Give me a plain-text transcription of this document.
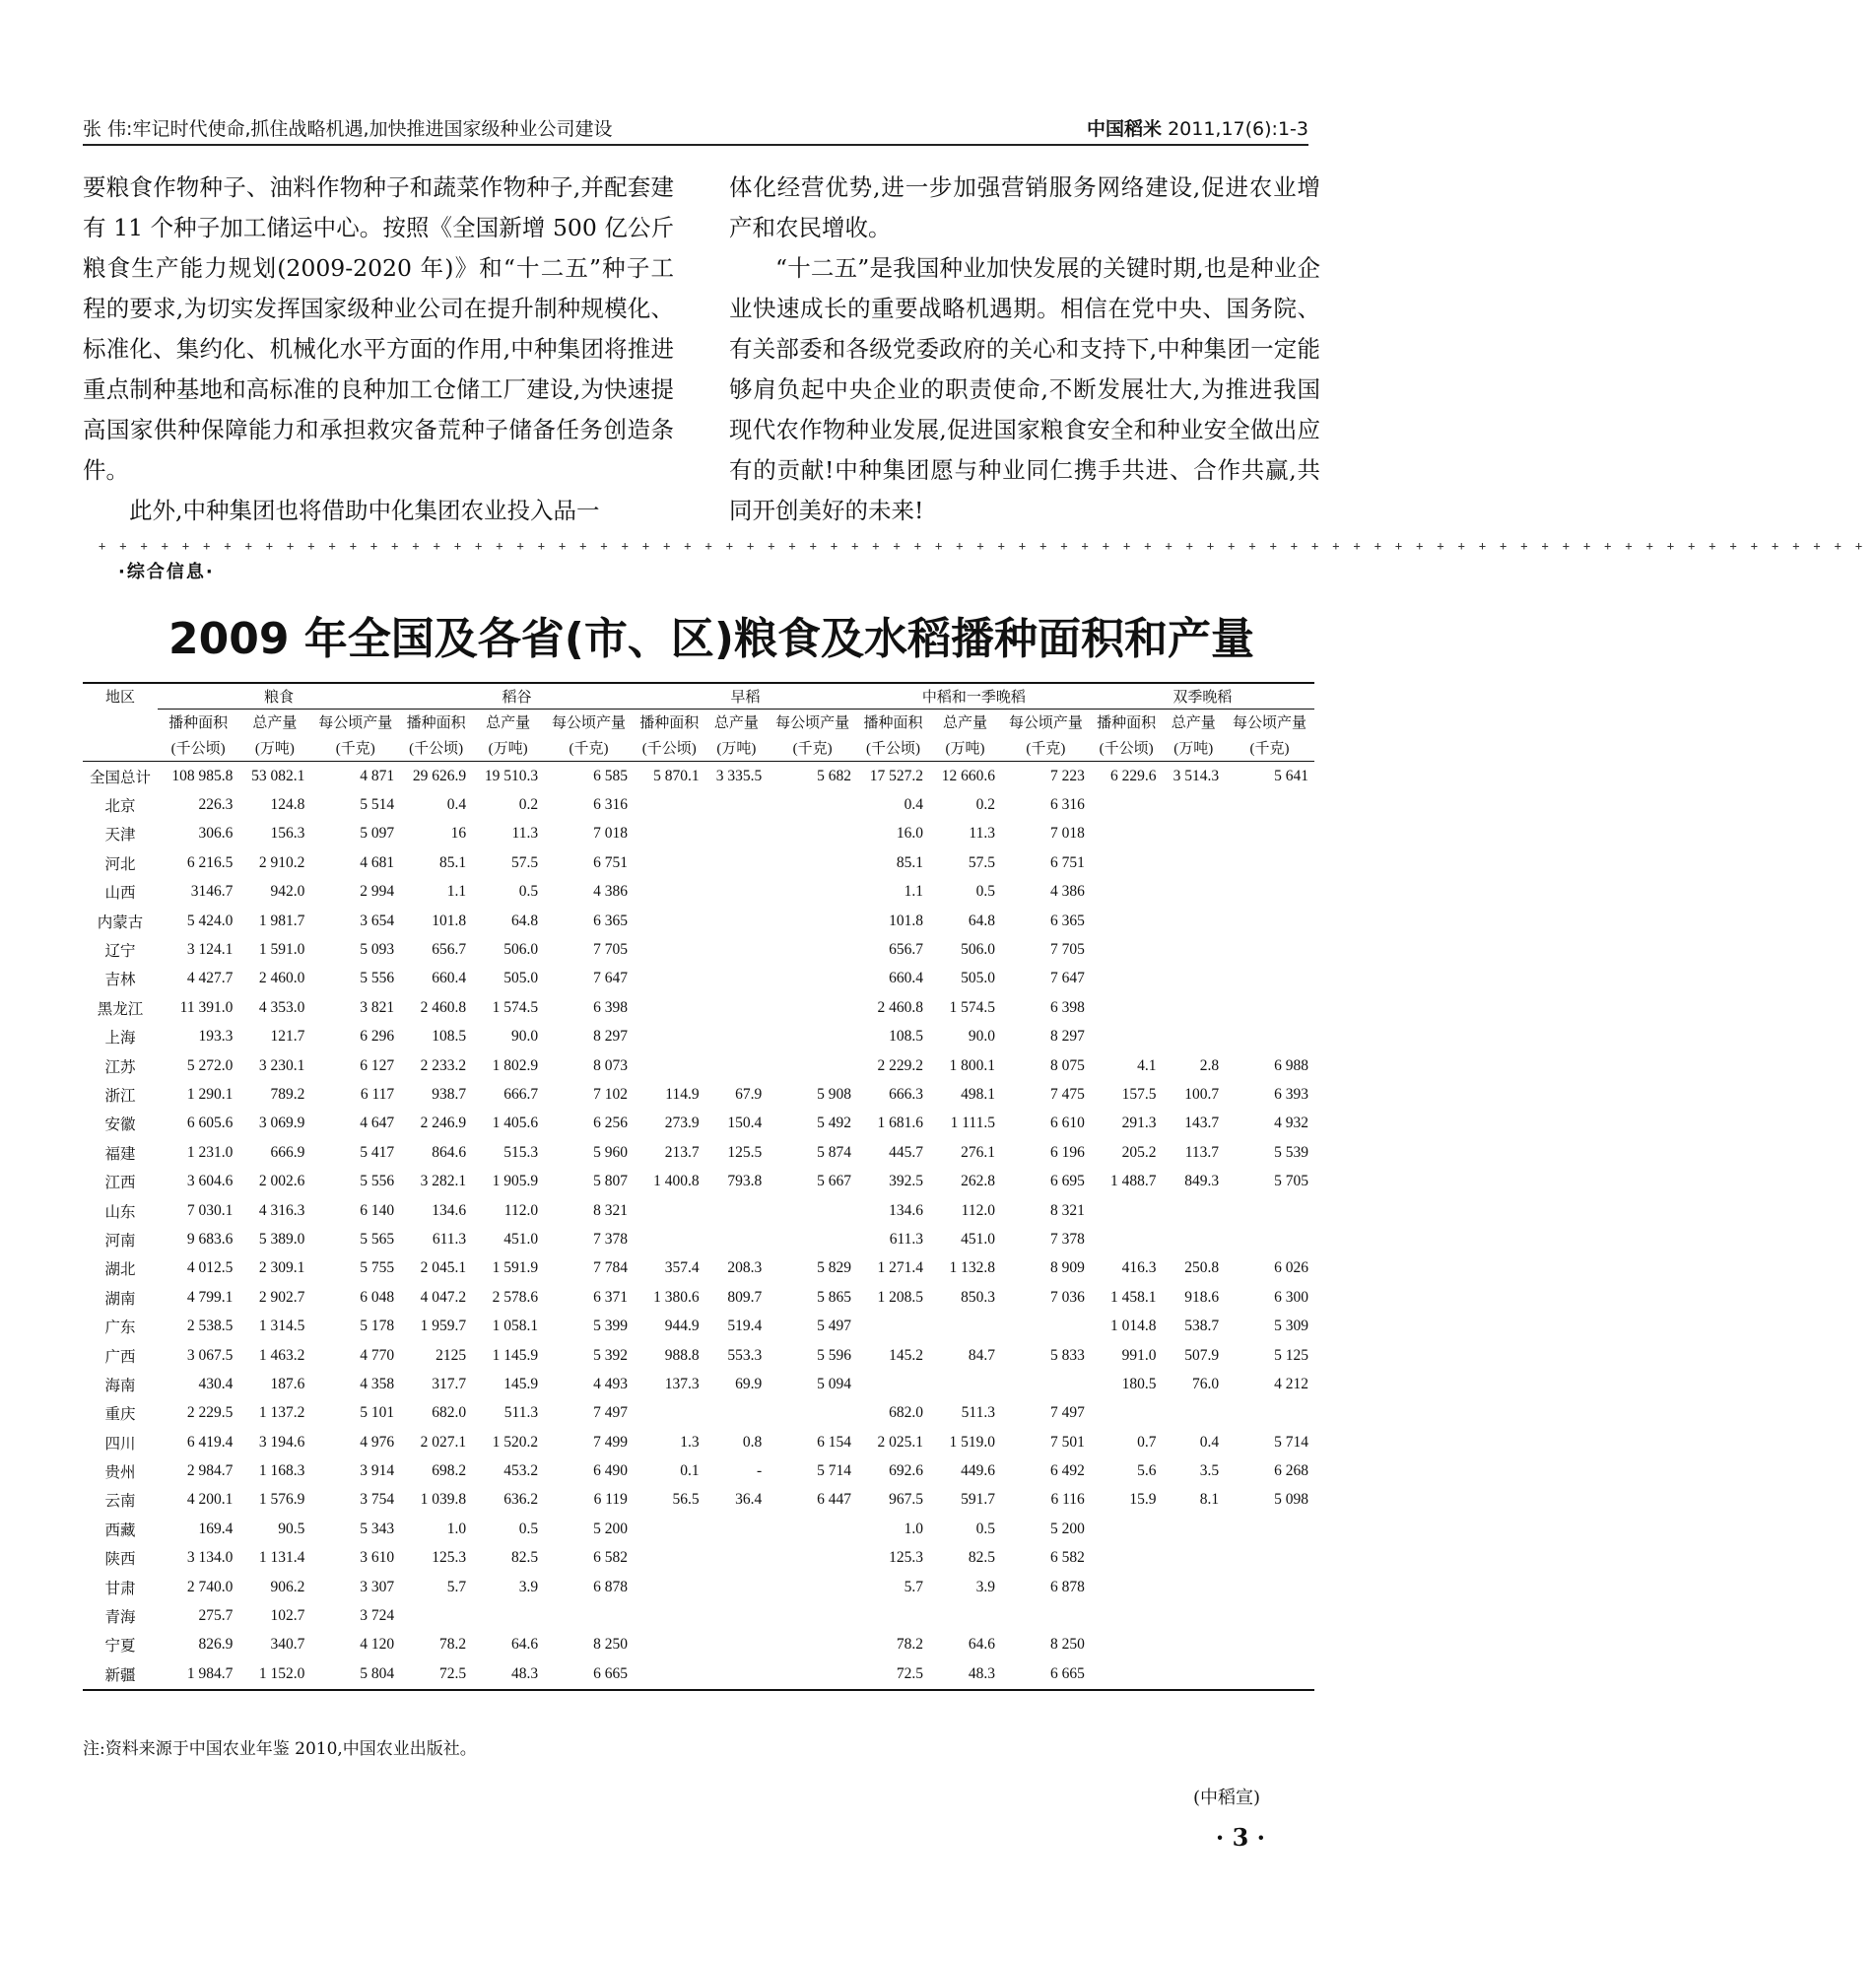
张 伟:牢记时代使命,抓住战略机遇,加快推进国家级种业公司建设	中国稻米 2011,17(6):1-3

要粮食作物种子、油料作物种子和蔬菜作物种子,并配套建有 11 个种子加工储运中心。按照《全国新增 500 亿公斤粮食生产能力规划(2009-2020 年)》和“十二五”种子工程的要求,为切实发挥国家级种业公司在提升制种规模化、标准化、集约化、机械化水平方面的作用,中种集团将推进重点制种基地和高标准的良种加工仓储工厂建设,为快速提高国家供种保障能力和承担救灾备荒种子储备任务创造条件。

此外,中种集团也将借助中化集团农业投入品一

体化经营优势,进一步加强营销服务网络建设,促进农业增产和农民增收。

“十二五”是我国种业加快发展的关键时期,也是种业企业快速成长的重要战略机遇期。相信在党中央、国务院、有关部委和各级党委政府的关心和支持下,中种集团一定能够肩负起中央企业的职责使命,不断发展壮大,为推进我国现代农作物种业发展,促进国家粮食安全和种业安全做出应有的贡献!中种集团愿与种业同仁携手共进、合作共赢,共同开创美好的未来!

+++++++++++++++++++++++++++++++++++++++++++++++++++++++++++++++++++++++++++++++++++++
·综合信息·
2009 年全国及各省(市、区)粮食及水稻播种面积和产量
地区	粮食			稻谷			早稻			中稻和一季晚稻			双季晚稻		
	播种面积	总产量	每公顷产量	播种面积	总产量	每公顷产量	播种面积	总产量	每公顷产量	播种面积	总产量	每公顷产量	播种面积	总产量	每公顷产量
	(千公顷)	(万吨)	(千克)	(千公顷)	(万吨)	(千克)	(千公顷)	(万吨)	(千克)	(千公顷)	(万吨)	(千克)	(千公顷)	(万吨)	(千克)
全国总计	108 985.8	53 082.1	4 871	29 626.9	19 510.3	6 585	5 870.1	3 335.5	5 682	17 527.2	12 660.6	7 223	6 229.6	3 514.3	5 641
北京	226.3	124.8	5 514	0.4	0.2	6 316				0.4	0.2	6 316			
天津	306.6	156.3	5 097	16	11.3	7 018				16.0	11.3	7 018			
河北	6 216.5	2 910.2	4 681	85.1	57.5	6 751				85.1	57.5	6 751			
山西	3146.7	942.0	2 994	1.1	0.5	4 386				1.1	0.5	4 386			
内蒙古	5 424.0	1 981.7	3 654	101.8	64.8	6 365				101.8	64.8	6 365			
辽宁	3 124.1	1 591.0	5 093	656.7	506.0	7 705				656.7	506.0	7 705			
吉林	4 427.7	2 460.0	5 556	660.4	505.0	7 647				660.4	505.0	7 647			
黑龙江	11 391.0	4 353.0	3 821	2 460.8	1 574.5	6 398				2 460.8	1 574.5	6 398			
上海	193.3	121.7	6 296	108.5	90.0	8 297				108.5	90.0	8 297			
江苏	5 272.0	3 230.1	6 127	2 233.2	1 802.9	8 073				2 229.2	1 800.1	8 075	4.1	2.8	6 988
浙江	1 290.1	789.2	6 117	938.7	666.7	7 102	114.9	67.9	5 908	666.3	498.1	7 475	157.5	100.7	6 393
安徽	6 605.6	3 069.9	4 647	2 246.9	1 405.6	6 256	273.9	150.4	5 492	1 681.6	1 111.5	6 610	291.3	143.7	4 932
福建	1 231.0	666.9	5 417	864.6	515.3	5 960	213.7	125.5	5 874	445.7	276.1	6 196	205.2	113.7	5 539
江西	3 604.6	2 002.6	5 556	3 282.1	1 905.9	5 807	1 400.8	793.8	5 667	392.5	262.8	6 695	1 488.7	849.3	5 705
山东	7 030.1	4 316.3	6 140	134.6	112.0	8 321				134.6	112.0	8 321			
河南	9 683.6	5 389.0	5 565	611.3	451.0	7 378				611.3	451.0	7 378			
湖北	4 012.5	2 309.1	5 755	2 045.1	1 591.9	7 784	357.4	208.3	5 829	1 271.4	1 132.8	8 909	416.3	250.8	6 026
湖南	4 799.1	2 902.7	6 048	4 047.2	2 578.6	6 371	1 380.6	809.7	5 865	1 208.5	850.3	7 036	1 458.1	918.6	6 300
广东	2 538.5	1 314.5	5 178	1 959.7	1 058.1	5 399	944.9	519.4	5 497				1 014.8	538.7	5 309
广西	3 067.5	1 463.2	4 770	2125	1 145.9	5 392	988.8	553.3	5 596	145.2	84.7	5 833	991.0	507.9	5 125
海南	430.4	187.6	4 358	317.7	145.9	4 493	137.3	69.9	5 094				180.5	76.0	4 212
重庆	2 229.5	1 137.2	5 101	682.0	511.3	7 497				682.0	511.3	7 497			
四川	6 419.4	3 194.6	4 976	2 027.1	1 520.2	7 499	1.3	0.8	6 154	2 025.1	1 519.0	7 501	0.7	0.4	5 714
贵州	2 984.7	1 168.3	3 914	698.2	453.2	6 490	0.1	-	5 714	692.6	449.6	6 492	5.6	3.5	6 268
云南	4 200.1	1 576.9	3 754	1 039.8	636.2	6 119	56.5	36.4	6 447	967.5	591.7	6 116	15.9	8.1	5 098
西藏	169.4	90.5	5 343	1.0	0.5	5 200				1.0	0.5	5 200			
陕西	3 134.0	1 131.4	3 610	125.3	82.5	6 582				125.3	82.5	6 582			
甘肃	2 740.0	906.2	3 307	5.7	3.9	6 878				5.7	3.9	6 878			
青海	275.7	102.7	3 724												
宁夏	826.9	340.7	4 120	78.2	64.6	8 250				78.2	64.6	8 250			
新疆	1 984.7	1 152.0	5 804	72.5	48.3	6 665				72.5	48.3	6 665			
注:资料来源于中国农业年鉴 2010,中国农业出版社。
(中稻宣)
· 3 ·
